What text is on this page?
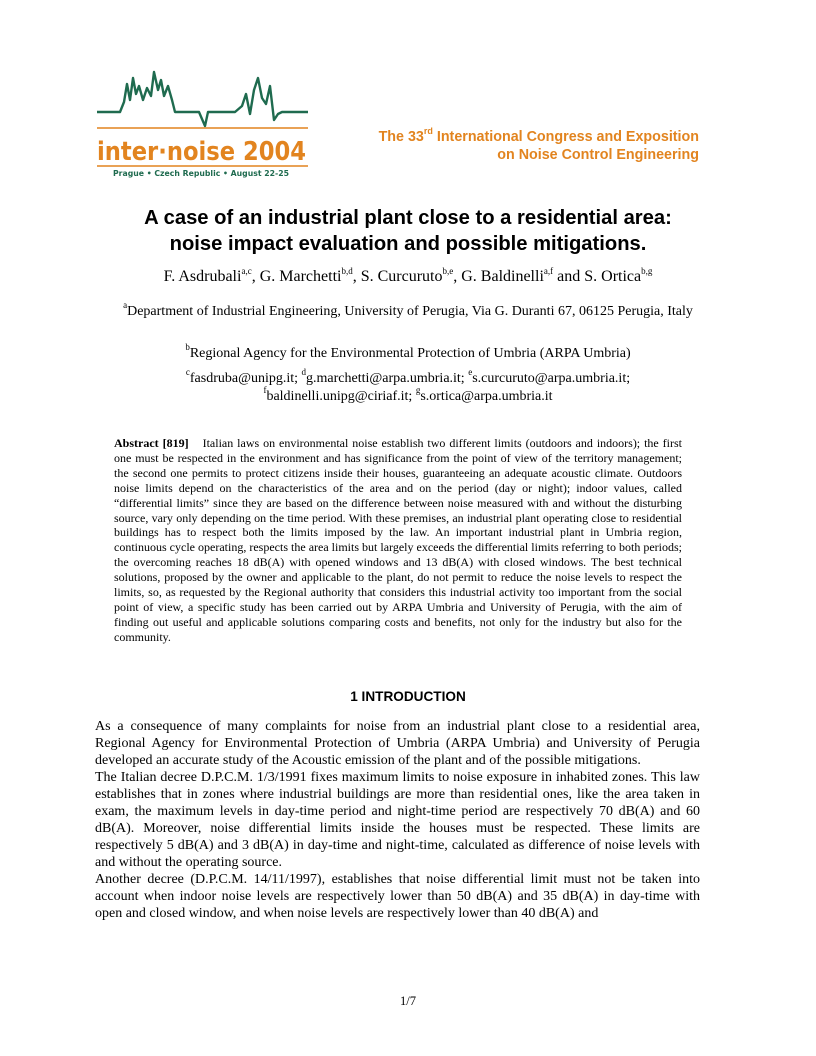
inter·noise 2004
Prague • Czech Republic • August 22-25
The 33rd International Congress and Exposition
on Noise Control Engineering
A case of an industrial plant close to a residential area:
noise impact evaluation and possible mitigations.
F. Asdrubali$^{a,c}$, G. Marchetti$^{b,d}$, S. Curcuruto$^{b,e}$, G. Baldinelli$^{a,f}$ and S. Ortica$^{b,g}$
$^a$Department of Industrial Engineering, University of Perugia, Via G. Duranti 67, 06125 Perugia, Italy
$^b$Regional Agency for the Environmental Protection of Umbria (ARPA Umbria)
$^c$fasdruba@unipg.it; $^d$g.marchetti@arpa.umbria.it; $^e$s.curcuruto@arpa.umbria.it;
$^f$baldinelli.unipg@ciriaf.it; $^g$s.ortica@arpa.umbria.it

Abstract [819] Italian laws on environmental noise establish two different limits (outdoors and indoors); the first one must be respected in the environment and has significance from the point of view of the territory management; the second one permits to protect citizens inside their houses, guaranteeing an adequate acoustic climate. Outdoors noise limits depend on the characteristics of the area and on the period (day or night); indoor values, called “differential limits” since they are based on the difference between noise measured with and without the disturbing source, vary only depending on the time period. With these premises, an industrial plant operating close to residential buildings has to respect both the limits imposed by the law. An important industrial plant in Umbria region, continuous cycle operating, respects the area limits but largely exceeds the differential limits referring to both periods; the overcoming reaches 18 dB(A) with opened windows and 13 dB(A) with closed windows. The best technical solutions, proposed by the owner and applicable to the plant, do not permit to reduce the noise levels to respect the limits, so, as requested by the Regional authority that considers this industrial activity too important from the social point of view, a specific study has been carried out by ARPA Umbria and University of Perugia, with the aim of finding out useful and applicable solutions comparing costs and benefits, not only for the industry but also for the community.

1 INTRODUCTION

As a consequence of many complaints for noise from an industrial plant close to a residential area, Regional Agency for Environmental Protection of Umbria (ARPA Umbria) and University of Perugia developed an accurate study of the Acoustic emission of the plant and of the possible mitigations.

The Italian decree D.P.C.M. 1/3/1991 fixes maximum limits to noise exposure in inhabited zones. This law establishes that in zones where industrial buildings are more than residential ones, like the area taken in exam, the maximum levels in day-time period and night-time period are respectively 70 dB(A) and 60 dB(A). Moreover, noise differential limits inside the houses must be respected. These limits are respectively 5 dB(A) and 3 dB(A) in day-time and night-time, calculated as difference of noise levels with and without the operating source.

Another decree (D.P.C.M. 14/11/1997), establishes that noise differential limit must not be taken into account when indoor noise levels are respectively lower than 50 dB(A) and 35 dB(A) in day-time with open and closed window, and when noise levels are respectively lower than 40 dB(A) and

1/7
